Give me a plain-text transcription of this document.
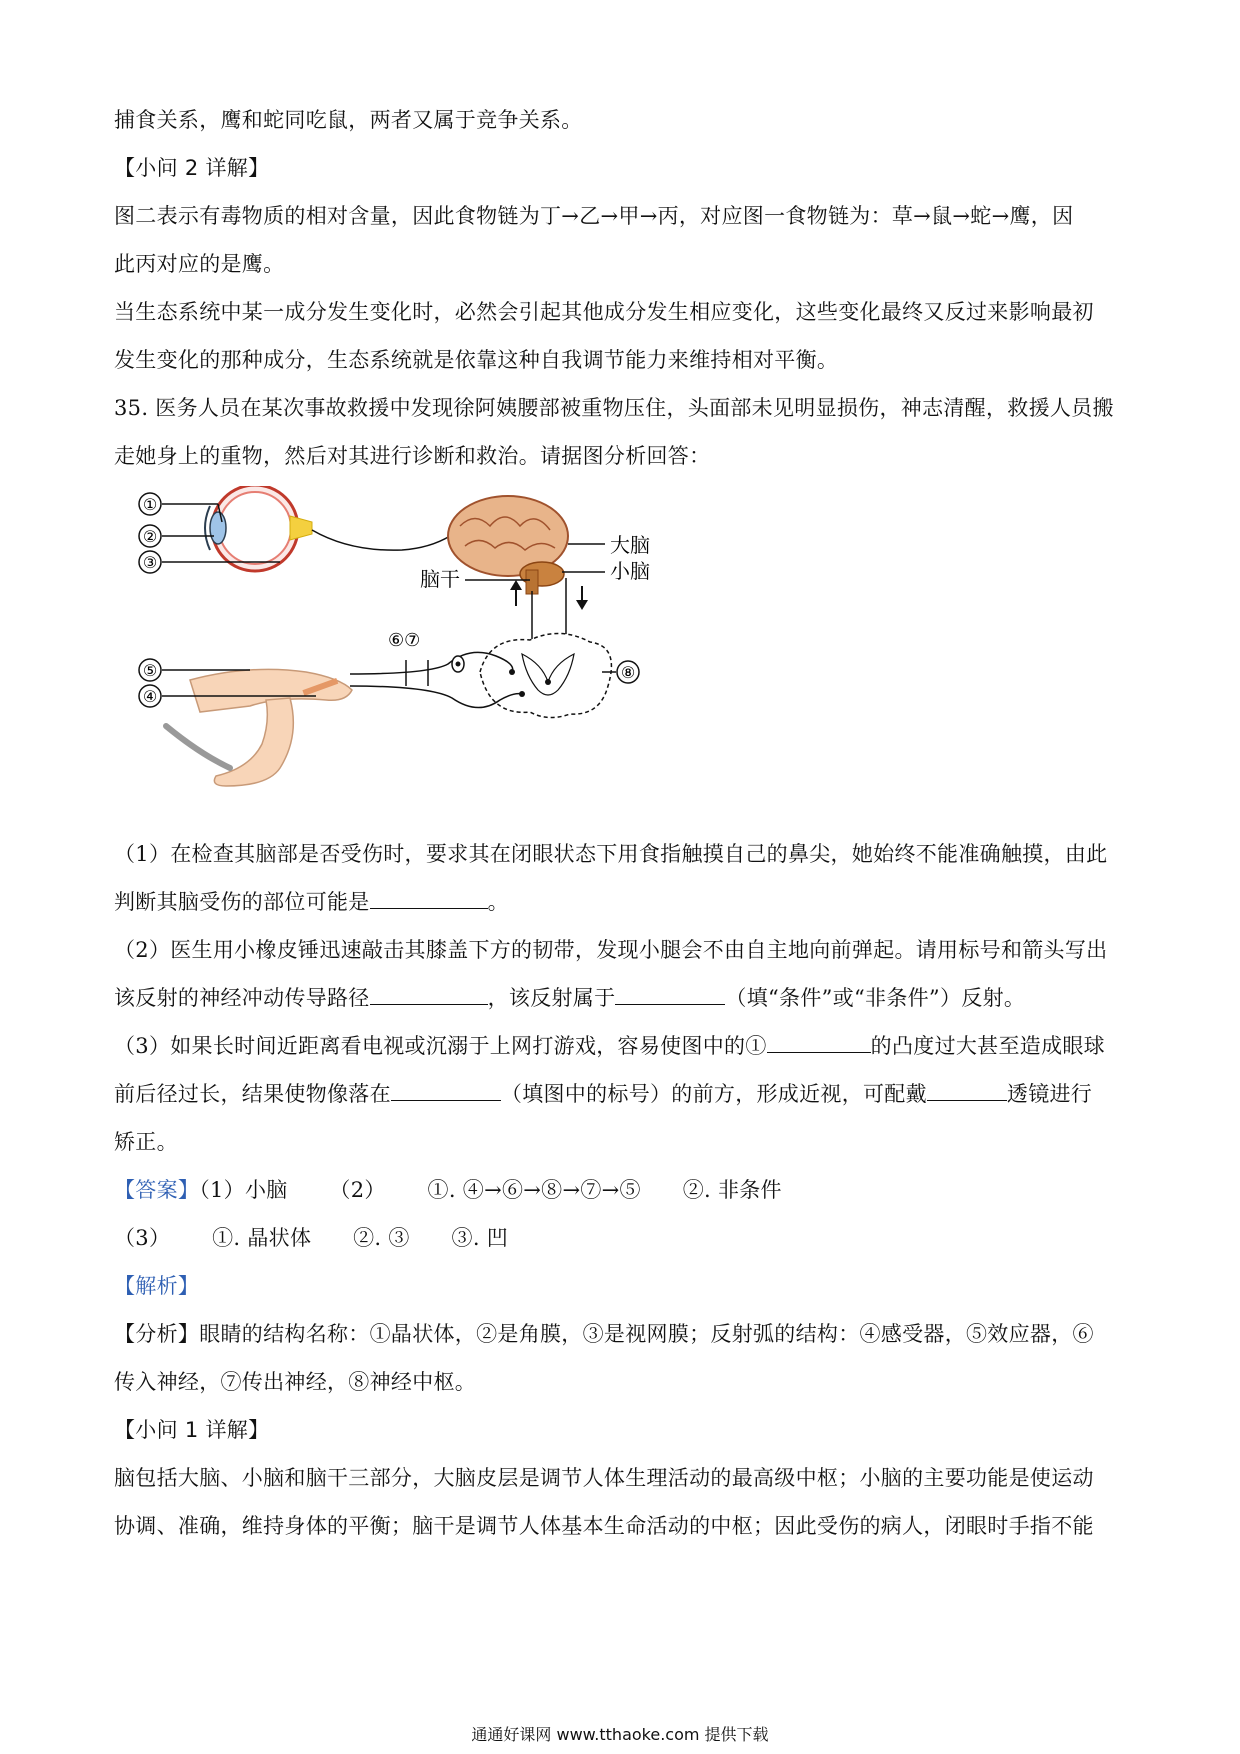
捕食关系，鹰和蛇同吃鼠，两者又属于竞争关系。

【小问 2 详解】

图二表示有毒物质的相对含量，因此食物链为丁→乙→甲→丙，对应图一食物链为：草→鼠→蛇→鹰，因

此丙对应的是鹰。

当生态系统中某一成分发生变化时，必然会引起其他成分发生相应变化，这些变化最终又反过来影响最初

发生变化的那种成分，生态系统就是依靠这种自我调节能力来维持相对平衡。

35. 医务人员在某次事故救援中发现徐阿姨腰部被重物压住，头面部未见明显损伤，神志清醒，救援人员搬

走她身上的重物，然后对其进行诊断和救治。请据图分析回答：

①
②
③
大脑
小脑
脑干
⑧
⑥⑦
⑤
④

（1）在检查其脑部是否受伤时，要求其在闭眼状态下用食指触摸自己的鼻尖，她始终不能准确触摸，由此

判断其脑受伤的部位可能是	。

（2）医生用小橡皮锤迅速敲击其膝盖下方的韧带，发现小腿会不由自主地向前弹起。请用标号和箭头写出

该反射的神经冲动传导路径	，该反射属于	（填“条件”或“非条件”）反射。

（3）如果长时间近距离看电视或沉溺于上网打游戏，容易使图中的①	的凸度过大甚至造成眼球

前后径过长，结果使物像落在	（填图中的标号）的前方，形成近视，可配戴	透镜进行

矫正。

【答案】（1）小脑      （2）      ①. ④→⑥→⑧→⑦→⑤      ②. 非条件

（3）      ①. 晶状体      ②. ③      ③. 凹

【解析】

【分析】眼睛的结构名称：①晶状体，②是角膜，③是视网膜；反射弧的结构：④感受器，⑤效应器，⑥

传入神经，⑦传出神经，⑧神经中枢。

【小问 1 详解】

脑包括大脑、小脑和脑干三部分，大脑皮层是调节人体生理活动的最高级中枢；小脑的主要功能是使运动

协调、准确，维持身体的平衡；脑干是调节人体基本生命活动的中枢；因此受伤的病人，闭眼时手指不能

通通好课网 www.tthaoke.com 提供下载
